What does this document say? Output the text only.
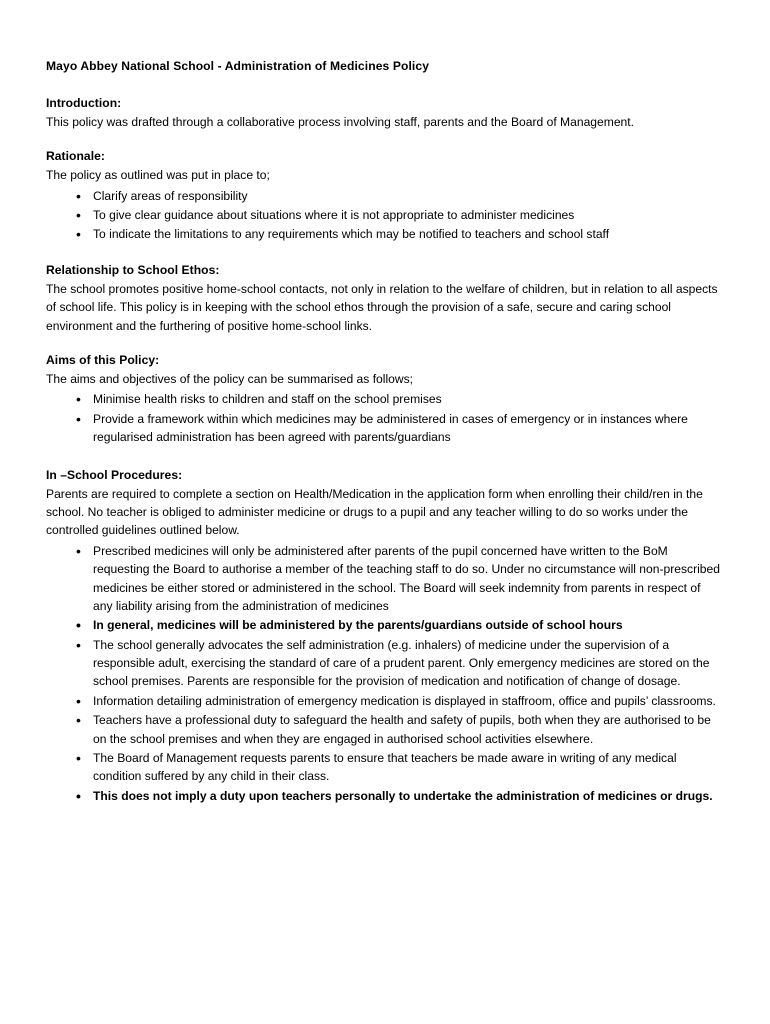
Mayo Abbey National School - Administration of Medicines Policy
Introduction:
This policy was drafted through a collaborative process involving staff, parents and the Board of Management.
Rationale:
The policy as outlined was put in place to;
• Clarify areas of responsibility
• To give clear guidance about situations where it is not appropriate to administer medicines
• To indicate the limitations to any requirements which may be notified to teachers and school staff
Relationship to School Ethos:
The school promotes positive home-school contacts, not only in relation to the welfare of children, but in relation to all aspects of school life. This policy is in keeping with the school ethos through the provision of a safe, secure and caring school environment and the furthering of positive home-school links.
Aims of this Policy:
The aims and objectives of the policy can be summarised as follows;
• Minimise health risks to children and staff on the school premises
• Provide a framework within which medicines may be administered in cases of emergency or in instances where regularised administration has been agreed with parents/guardians
In –School Procedures:
Parents are required to complete a section on Health/Medication in the application form when enrolling their child/ren in the school. No teacher is obliged to administer medicine or drugs to a pupil and any teacher willing to do so works under the controlled guidelines outlined below.
• Prescribed medicines will only be administered after parents of the pupil concerned have written to the BoM requesting the Board to authorise a member of the teaching staff to do so. Under no circumstance will non-prescribed medicines be either stored or administered in the school. The Board will seek indemnity from parents in respect of any liability arising from the administration of medicines
• In general, medicines will be administered by the parents/guardians outside of school hours
• The school generally advocates the self administration (e.g. inhalers) of medicine under the supervision of a responsible adult, exercising the standard of care of a prudent parent. Only emergency medicines are stored on the school premises. Parents are responsible for the provision of medication and notification of change of dosage.
• Information detailing administration of emergency medication is displayed in staffroom, office and pupils’ classrooms.
• Teachers have a professional duty to safeguard the health and safety of pupils, both when they are authorised to be on the school premises and when they are engaged in authorised school activities elsewhere.
• The Board of Management requests parents to ensure that teachers be made aware in writing of any medical condition suffered by any child in their class.
• This does not imply a duty upon teachers personally to undertake the administration of medicines or drugs.
